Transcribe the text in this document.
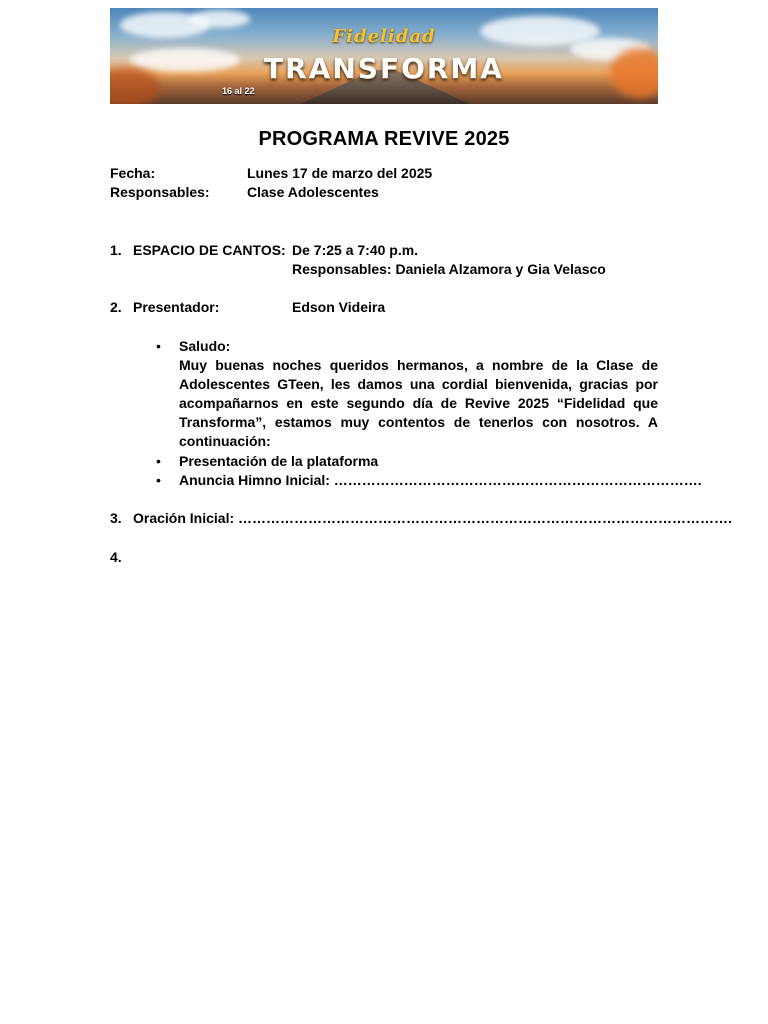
Fidelidad
TRANSFORMA
16 al 22
PROGRAMA REVIVE 2025
Fecha:	Lunes 17 de marzo del 2025
Responsables:	Clase Adolescentes
1. ESPACIO DE CANTOS: De 7:25 a 7:40 p.m.
Responsables: Daniela Alzamora y Gia Velasco
2. Presentador:	Edson Videira
• Saludo:
Muy buenas noches queridos hermanos, a nombre de la Clase de Adolescentes GTeen, les damos una cordial bienvenida, gracias por acompañarnos en este segundo día de Revive 2025 “Fidelidad que Transforma”, estamos muy contentos de tenerlos con nosotros. A continuación:
• Presentación de la plataforma
• Anuncia Himno Inicial: …………………………………………………………………….
3. Oración Inicial: …………………………………………………………………………………………….
4.
